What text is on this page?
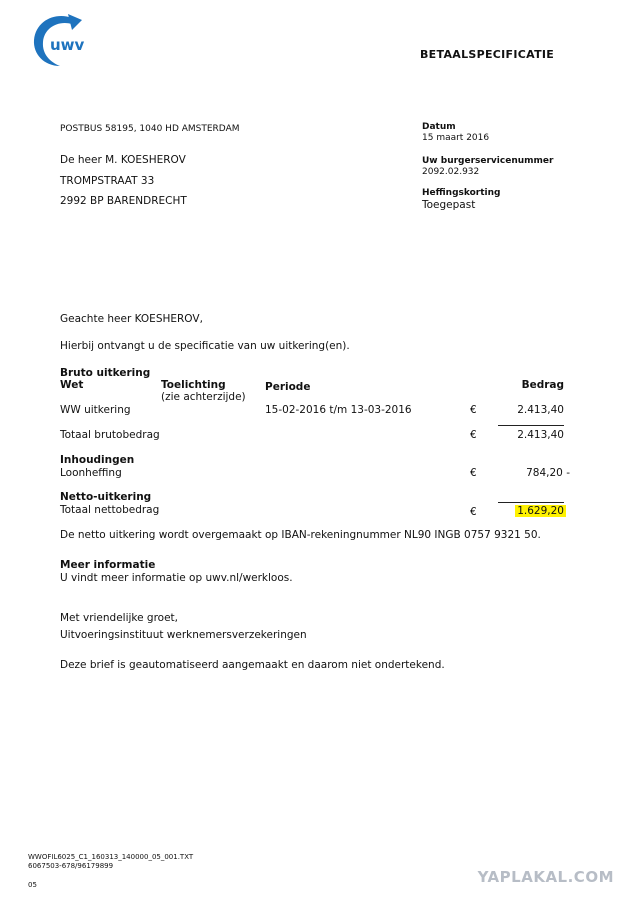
uwv
BETAALSPECIFICATIE
POSTBUS 58195, 1040 HD AMSTERDAM
De heer M. KOESHEROV
TROMPSTRAAT 33
2992 BP BARENDRECHT
Datum
15 maart 2016
Uw burgerservicenummer
2092.02.932
Heffingskorting
Toegepast
Geachte heer KOESHEROV,
Hierbij ontvangt u de specificatie van uw uitkering(en).
Bruto uitkering
Wet	Toelichting
(zie achterzijde)
Periode	Bedrag
WW uitkering	15-02-2016 t/m 13-03-2016	€	2.413,40
Totaal brutobedrag	€	2.413,40
Inhoudingen
Loonheffing	€	784,20 -
Netto-uitkering
Totaal nettobedrag	€	1.629,20
De netto uitkering wordt overgemaakt op IBAN-rekeningnummer NL90 INGB 0757 9321 50.
Meer informatie
U vindt meer informatie op uwv.nl/werkloos.
Met vriendelijke groet,
Uitvoeringsinstituut werknemersverzekeringen
Deze brief is geautomatiseerd aangemaakt en daarom niet ondertekend.
WWOFIL6025_C1_160313_140000_05_001.TXT
6067503-678/96179899
05	YAPLAKAL.COM
